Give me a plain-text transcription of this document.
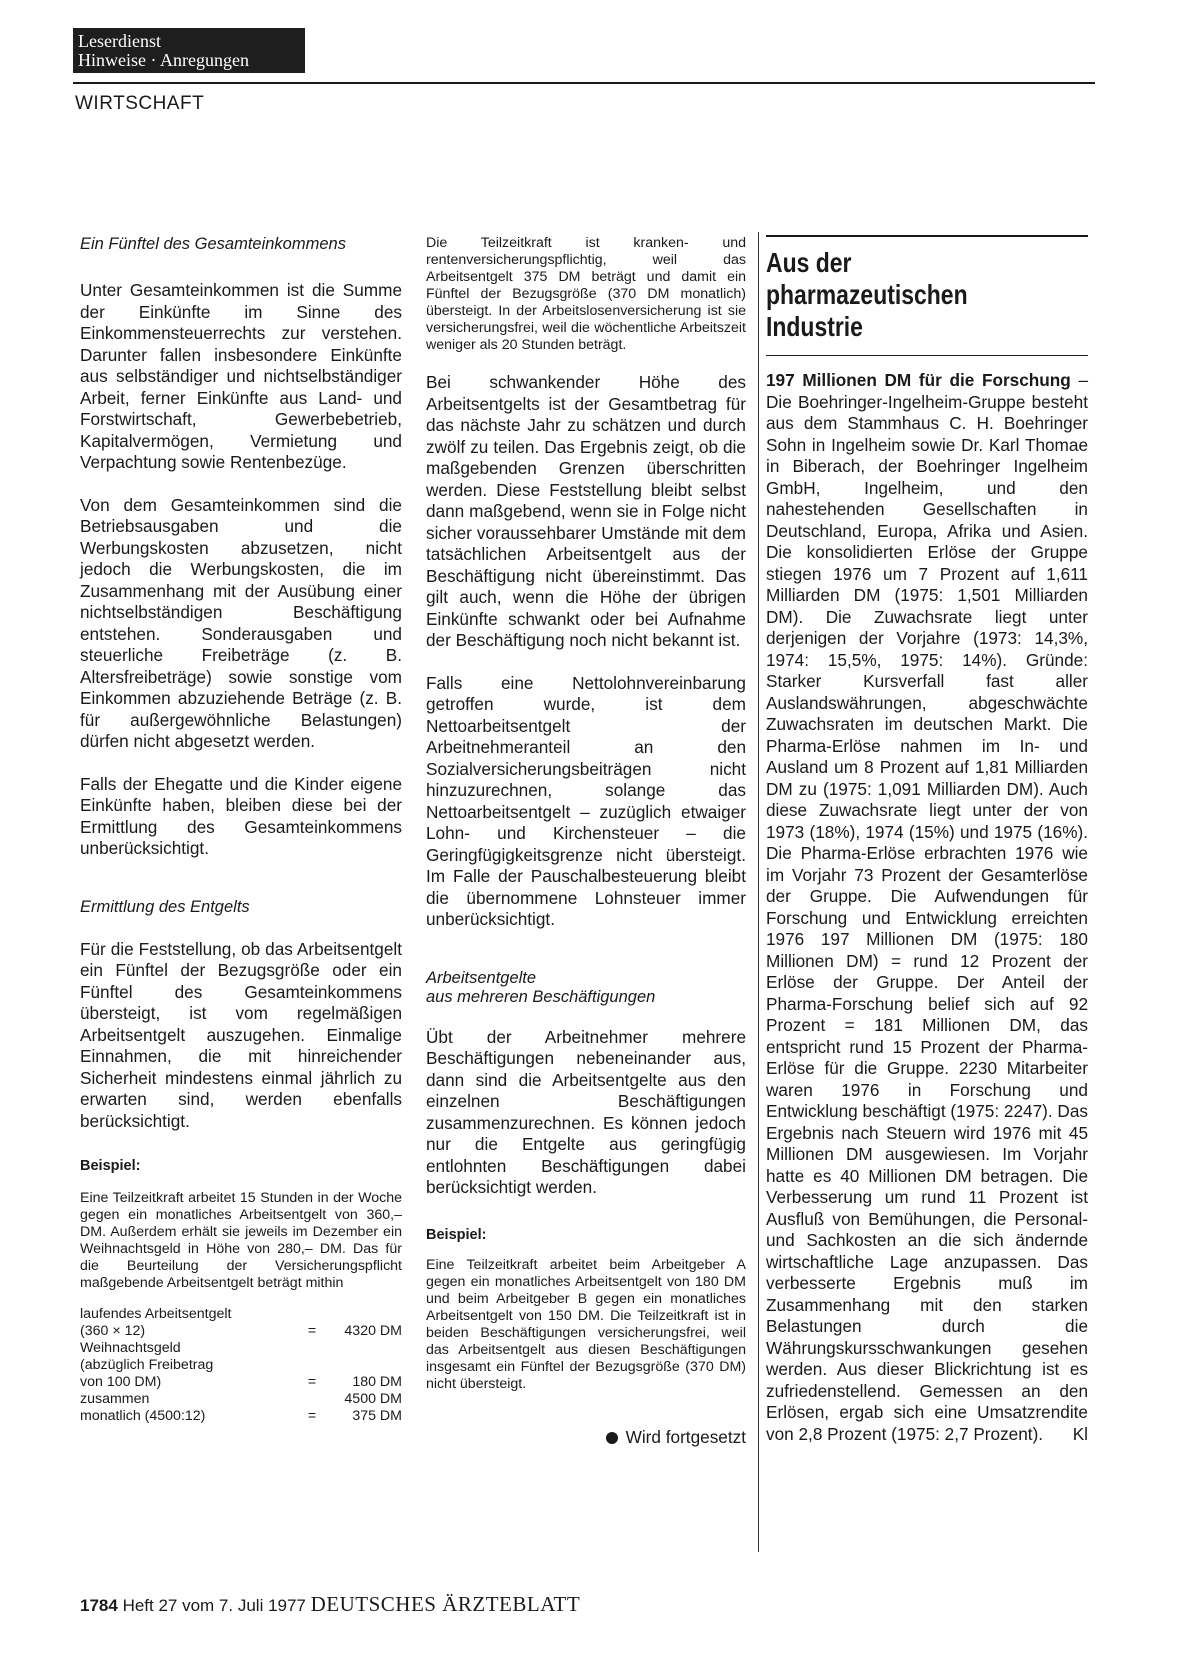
Leserdienst
Hinweise · Anregungen
WIRTSCHAFT

Ein Fünftel des Gesamteinkommens

Unter Gesamteinkommen ist die Summe der Einkünfte im Sinne des Einkommensteuerrechts zur verstehen. Darunter fallen insbesondere Einkünfte aus selbständiger und nichtselbständiger Arbeit, ferner Einkünfte aus Land- und Forstwirtschaft, Gewerbebetrieb, Kapitalvermögen, Vermietung und Verpachtung sowie Rentenbezüge.

Von dem Gesamteinkommen sind die Betriebsausgaben und die Werbungskosten abzusetzen, nicht jedoch die Werbungskosten, die im Zusammenhang mit der Ausübung einer nichtselbständigen Beschäftigung entstehen. Sonderausgaben und steuerliche Freibeträge (z. B. Altersfreibeträge) sowie sonstige vom Einkommen abzuziehende Beträge (z. B. für außergewöhnliche Belastungen) dürfen nicht abgesetzt werden.

Falls der Ehegatte und die Kinder eigene Einkünfte haben, bleiben diese bei der Ermittlung des Gesamteinkommens unberücksichtigt.

Ermittlung des Entgelts

Für die Feststellung, ob das Arbeitsentgelt ein Fünftel der Bezugsgröße oder ein Fünftel des Gesamteinkommens übersteigt, ist vom regelmäßigen Arbeitsentgelt auszugehen. Einmalige Einnahmen, die mit hinreichender Sicherheit mindestens einmal jährlich zu erwarten sind, werden ebenfalls berücksichtigt.

Beispiel:

Eine Teilzeitkraft arbeitet 15 Stunden in der Woche gegen ein monatliches Arbeitsentgelt von 360,– DM. Außerdem erhält sie jeweils im Dezember ein Weihnachtsgeld in Höhe von 280,– DM. Das für die Beurteilung der Versicherungspflicht maßgebende Arbeitsentgelt beträgt mithin

laufendes Arbeitsentgelt
(360 × 12)	=	4320 DM
Weihnachtsgeld
(abzüglich Freibetrag
von 100 DM)	=	180 DM
zusammen	4500 DM
monatlich (4500:12)	=	375 DM

Die Teilzeitkraft ist kranken- und rentenversicherungspflichtig, weil das Arbeitsentgelt 375 DM beträgt und damit ein Fünftel der Bezugsgröße (370 DM monatlich) übersteigt. In der Arbeitslosenversicherung ist sie versicherungsfrei, weil die wöchentliche Arbeitszeit weniger als 20 Stunden beträgt.

Bei schwankender Höhe des Arbeitsentgelts ist der Gesamtbetrag für das nächste Jahr zu schätzen und durch zwölf zu teilen. Das Ergebnis zeigt, ob die maßgebenden Grenzen überschritten werden. Diese Feststellung bleibt selbst dann maßgebend, wenn sie in Folge nicht sicher voraussehbarer Umstände mit dem tatsächlichen Arbeitsentgelt aus der Beschäftigung nicht übereinstimmt. Das gilt auch, wenn die Höhe der übrigen Einkünfte schwankt oder bei Aufnahme der Beschäftigung noch nicht bekannt ist.

Falls eine Nettolohnvereinbarung getroffen wurde, ist dem Nettoarbeitsentgelt der Arbeitnehmeranteil an den Sozialversicherungsbeiträgen nicht hinzuzurechnen, solange das Nettoarbeitsentgelt – zuzüglich etwaiger Lohn- und Kirchensteuer – die Geringfügigkeitsgrenze nicht übersteigt. Im Falle der Pauschalbesteuerung bleibt die übernommene Lohnsteuer immer unberücksichtigt.

Arbeitsentgelte

aus mehreren Beschäftigungen

Übt der Arbeitnehmer mehrere Beschäftigungen nebeneinander aus, dann sind die Arbeitsentgelte aus den einzelnen Beschäftigungen zusammenzurechnen. Es können jedoch nur die Entgelte aus geringfügig entlohnten Beschäftigungen dabei berücksichtigt werden.

Beispiel:

Eine Teilzeitkraft arbeitet beim Arbeitgeber A gegen ein monatliches Arbeitsentgelt von 180 DM und beim Arbeitgeber B gegen ein monatliches Arbeitsentgelt von 150 DM. Die Teilzeitkraft ist in beiden Beschäftigungen versicherungsfrei, weil das Arbeitsentgelt aus diesen Beschäftigungen insgesamt ein Fünftel der Bezugsgröße (370 DM) nicht übersteigt.

Wird fortgesetzt

Aus der

pharmazeutischen

Industrie

197 Millionen DM für die Forschung – Die Boehringer-Ingelheim-Gruppe besteht aus dem Stammhaus C. H. Boehringer Sohn in Ingelheim sowie Dr. Karl Thomae in Biberach, der Boehringer Ingelheim GmbH, Ingelheim, und den nahestehenden Gesellschaften in Deutschland, Europa, Afrika und Asien. Die konsolidierten Erlöse der Gruppe stiegen 1976 um 7 Prozent auf 1,611 Milliarden DM (1975: 1,501 Milliarden DM). Die Zuwachsrate liegt unter derjenigen der Vorjahre (1973: 14,3%, 1974: 15,5%, 1975: 14%). Gründe: Starker Kursverfall fast aller Auslandswährungen, abgeschwächte Zuwachsraten im deutschen Markt. Die Pharma-Erlöse nahmen im In- und Ausland um 8 Prozent auf 1,81 Milliarden DM zu (1975: 1,091 Milliarden DM). Auch diese Zuwachsrate liegt unter der von 1973 (18%), 1974 (15%) und 1975 (16%). Die Pharma-Erlöse erbrachten 1976 wie im Vorjahr 73 Prozent der Gesamterlöse der Gruppe. Die Aufwendungen für Forschung und Entwicklung erreichten 1976 197 Millionen DM (1975: 180 Millionen DM) = rund 12 Prozent der Erlöse der Gruppe. Der Anteil der Pharma-Forschung belief sich auf 92 Prozent = 181 Millionen DM, das entspricht rund 15 Prozent der Pharma-Erlöse für die Gruppe. 2230 Mitarbeiter waren 1976 in Forschung und Entwicklung beschäftigt (1975: 2247). Das Ergebnis nach Steuern wird 1976 mit 45 Millionen DM ausgewiesen. Im Vorjahr hatte es 40 Millionen DM betragen. Die Verbesserung um rund 11 Prozent ist Ausfluß von Bemühungen, die Personal- und Sachkosten an die sich ändernde wirtschaftliche Lage anzupassen. Das verbesserte Ergebnis muß im Zusammenhang mit den starken Belastungen durch die Währungskursschwankungen gesehen werden. Aus dieser Blickrichtung ist es zufriedenstellend. Gemessen an den Erlösen, ergab sich eine Umsatzrendite von 2,8 Prozent (1975: 2,7 Prozent). Kl

1784 Heft 27 vom 7. Juli 1977 DEUTSCHES ÄRZTEBLATT
